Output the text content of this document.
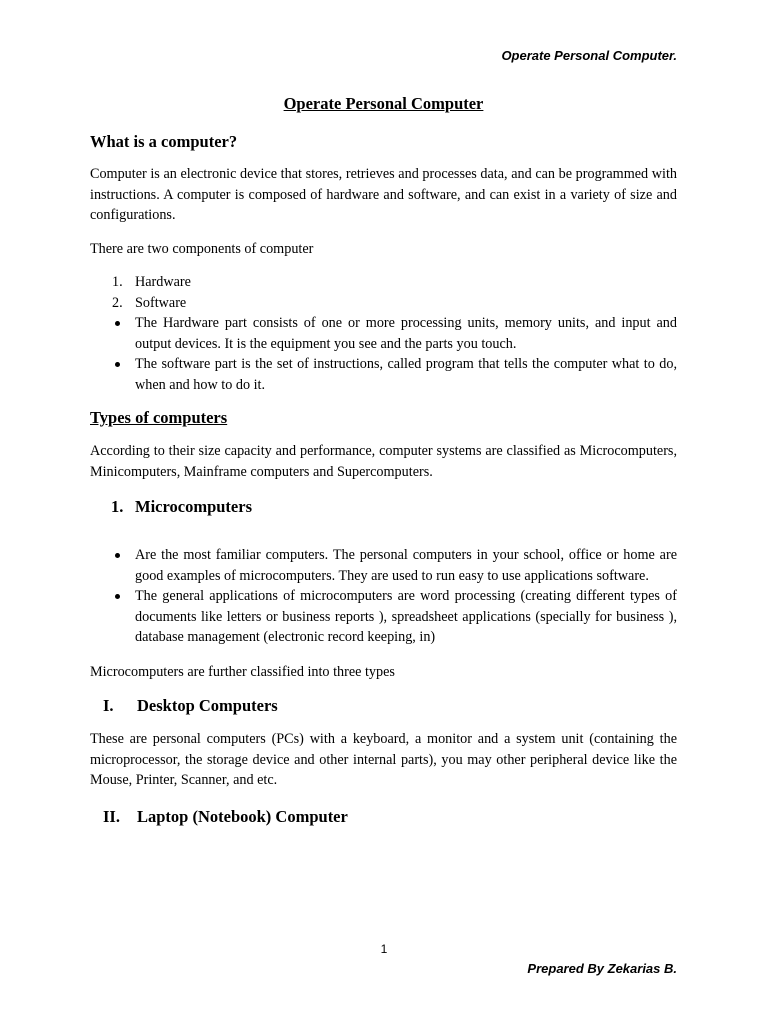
Operate Personal Computer.
Operate Personal Computer
What is a computer?

Computer is an electronic device that stores, retrieves and processes data, and can be programmed with instructions. A computer is composed of hardware and software, and can exist in a variety of size and configurations.

There are two components of computer

1. Hardware
2. Software
The Hardware part consists of one or more processing units, memory units, and input and output devices. It is the equipment you see and the parts you touch.
The software part is the set of instructions, called program that tells the computer what to do, when and how to do it.
Types of computers

According to their size capacity and performance, computer systems are classified as Microcomputers, Minicomputers, Mainframe computers and Supercomputers.

1. Microcomputers
Are the most familiar computers. The personal computers in your school, office or home are good examples of microcomputers. They are used to run easy to use applications software.
The general applications of microcomputers are word processing (creating different types of documents like letters or business reports ), spreadsheet applications (specially for business ), database management (electronic record keeping, in)

Microcomputers are further classified into three types

I. Desktop Computers

These are personal computers (PCs) with a keyboard, a monitor and a system unit (containing the microprocessor, the storage device and other internal parts), you may other peripheral device like the Mouse, Printer, Scanner, and etc.

II. Laptop (Notebook) Computer
1
Prepared By Zekarias B.
